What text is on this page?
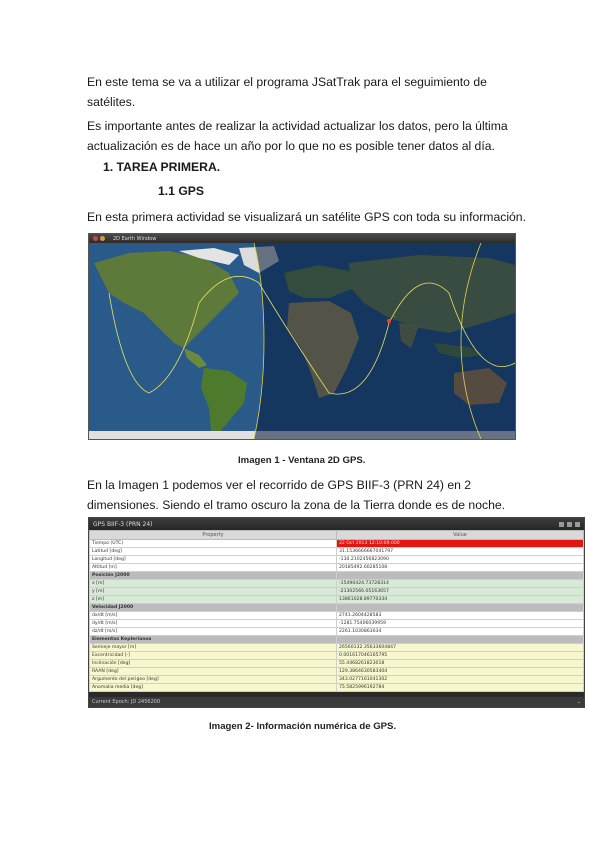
En este tema se va a utilizar el programa JSatTrak para el seguimiento de satélites.

Es importante antes de realizar la actividad actualizar los datos, pero la última actualización es de hace un año por lo que no es posible tener datos al día.

1. TAREA PRIMERA.

1.1 GPS

En esta primera actividad se visualizará un satélite GPS con toda su información.

2D Earth Window
·

Imagen 1 - Ventana 2D GPS.

En la Imagen 1 podemos ver el recorrido de GPS BIIF-3 (PRN 24) en 2 dimensiones. Siendo el tramo oscuro la zona de la Tierra donde es de noche.

GPS BIIF-3 (PRN 24)
Property	Value
Tiempo (UTC)	22 Oct 2013 12:10:09.000
Latitud [deg]	31.1536666667041797
Longitud [deg]	-130.2102456823090
Altitud [m]	20185492.60285108
Posición J2000	
x [m]	-15490424.73728314
y [m]	-21302566.05163657
z [m]	13861028.89770334
Velocidad J2000	
dx/dt [m/s]	2741.2604428583
dy/dt [m/s]	-1281.75406039959
dz/dt [m/s]	2261.1030863034
Elementos Keplerianos	
Semieje mayor [m]	26560132.35633604847
Excentricidad [-]	0.001617046165795
Inclinación [deg]	55.4468261823018
RAAN [deg]	129.3864630583404
Argumento del perigeo [deg]	343.0277161041302
Anomalía media [deg]	75.5825996192784
Current Epoch: JD 2456200	⌄

Imagen 2- Información numérica de GPS.
